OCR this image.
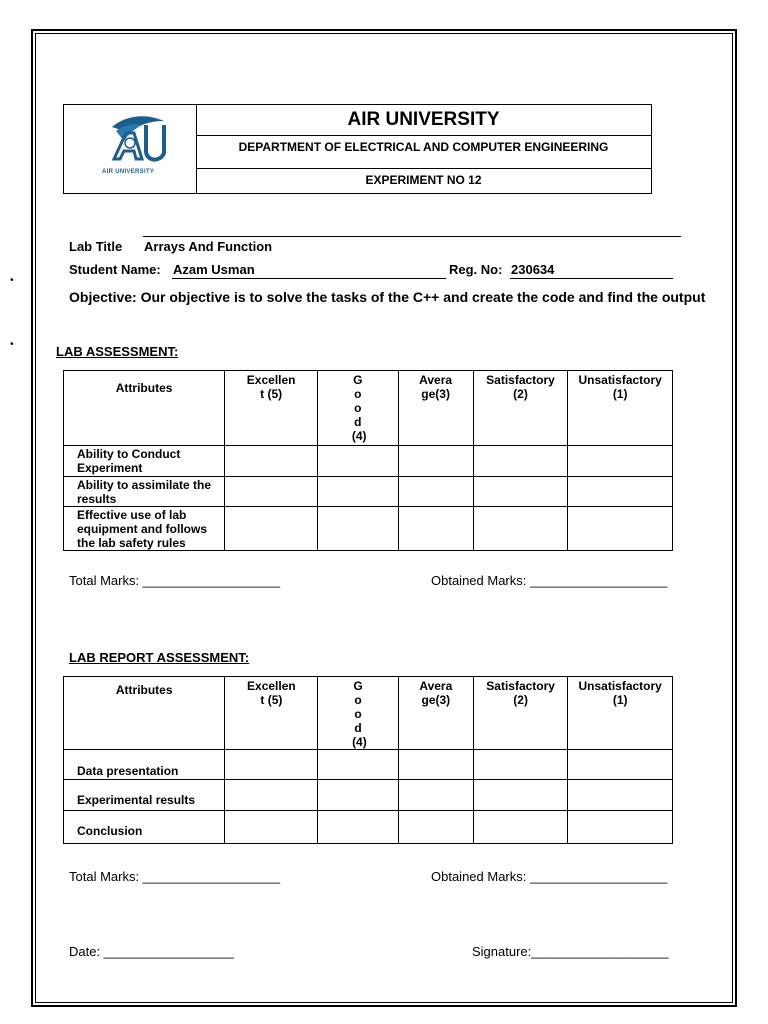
•
•
AIR UNIVERSITY
AIR UNIVERSITY
DEPARTMENT OF ELECTRICAL AND COMPUTER ENGINEERING
EXPERIMENT NO 12
Lab Title Arrays And Function
Student Name: Azam Usman	Reg. No: 230634
Objective: Our objective is to solve the tasks of the C++ and create the code and find the output
LAB ASSESSMENT:
Attributes	Excellent (5)	Good(4)	Average(3)	Satisfactory (2)	Unsatisfactory (1)

Ability to Conduct Experiment					
Ability to assimilate the results					
Effective use of lab equipment and follows the lab safety rules					
Total Marks: ___________________	Obtained Marks: ___________________
LAB REPORT ASSESSMENT:
Attributes	Excellent (5)	Good(4)	Average(3)	Satisfactory (2)	Unsatisfactory (1)

Data presentation					
Experimental results					
Conclusion					
Total Marks: ___________________	Obtained Marks: ___________________
Date: __________________	Signature:___________________
